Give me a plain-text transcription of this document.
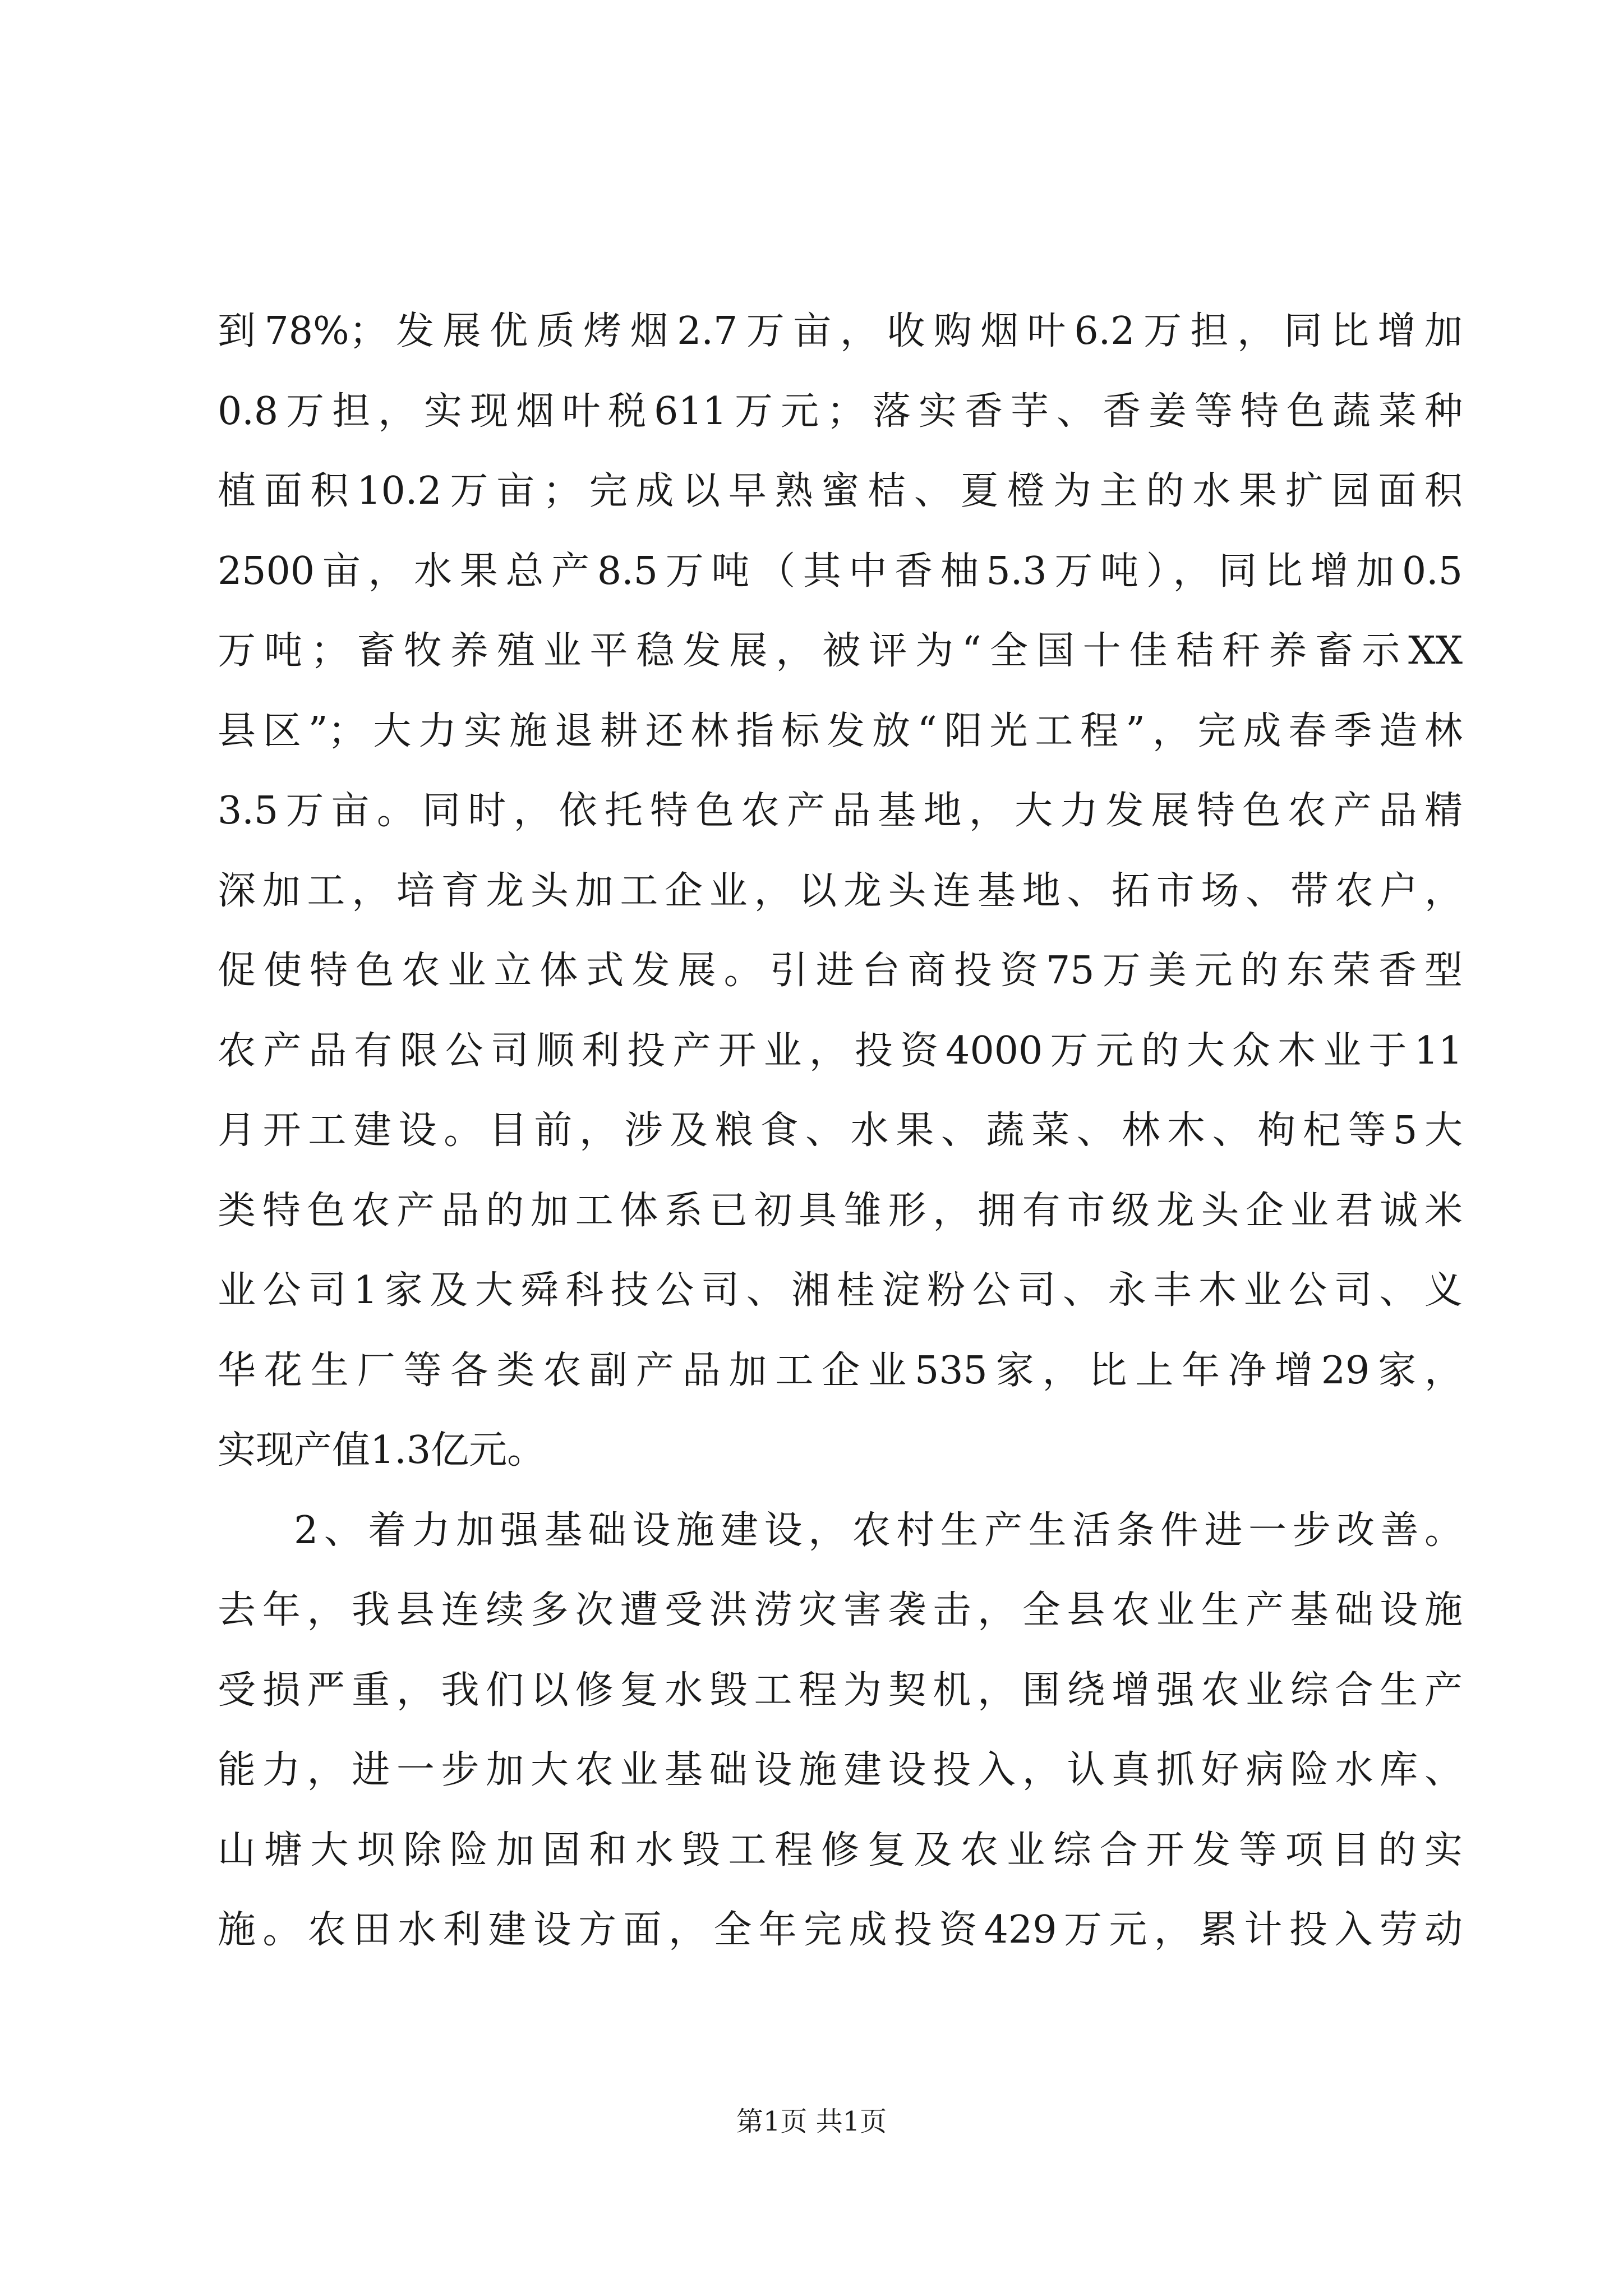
到78%；发展优质烤烟2.7万亩，收购烟叶6.2万担，同比增加
0.8万担，实现烟叶税611万元；落实香芋、香姜等特色蔬菜种
植面积10.2万亩；完成以早熟蜜桔、夏橙为主的水果扩园面积
2500亩，水果总产8.5万吨（其中香柚5.3万吨），同比增加0.5
万吨；畜牧养殖业平稳发展，被评为“全国十佳秸秆养畜示XX
县区”；大力实施退耕还林指标发放“阳光工程”，完成春季造林
3.5万亩。同时，依托特色农产品基地，大力发展特色农产品精
深加工，培育龙头加工企业，以龙头连基地、拓市场、带农户，
促使特色农业立体式发展。引进台商投资75万美元的东荣香型
农产品有限公司顺利投产开业，投资4000万元的大众木业于11
月开工建设。目前，涉及粮食、水果、蔬菜、林木、枸杞等5大
类特色农产品的加工体系已初具雏形，拥有市级龙头企业君诚米
业公司1家及大舜科技公司、湘桂淀粉公司、永丰木业公司、义
华花生厂等各类农副产品加工企业535家，比上年净增29家，
实现产值1.3亿元。
2、着力加强基础设施建设，农村生产生活条件进一步改善。
去年，我县连续多次遭受洪涝灾害袭击，全县农业生产基础设施
受损严重，我们以修复水毁工程为契机，围绕增强农业综合生产
能力，进一步加大农业基础设施建设投入，认真抓好病险水库、
山塘大坝除险加固和水毁工程修复及农业综合开发等项目的实
施。农田水利建设方面，全年完成投资429万元，累计投入劳动
第1页 共1页
